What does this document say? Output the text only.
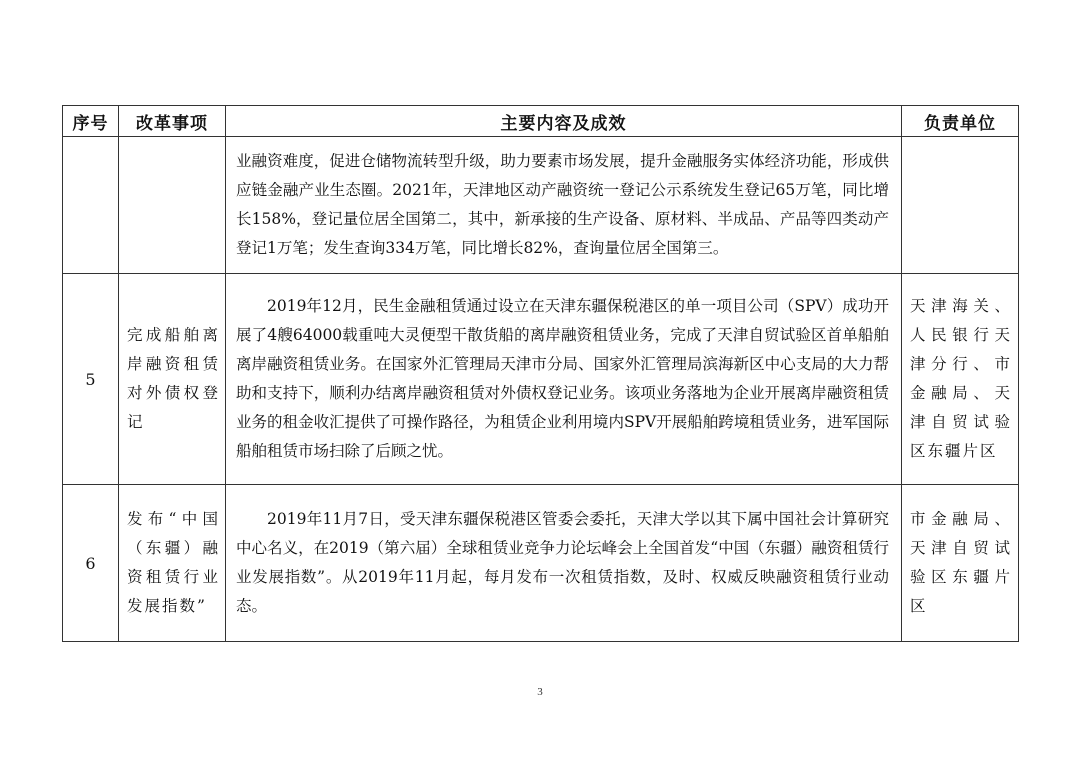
序号	改革事项	主要内容及成效	负责单位

		业融资难度，促进仓储物流转型升级，助力要素市场发展，提升金融服务实体经济功能，形成供应链金融产业生态圈。2021年，天津地区动产融资统一登记公示系统发生登记65万笔，同比增长158%，登记量位居全国第二，其中，新承接的生产设备、原材料、半成品、产品等四类动产登记1万笔；发生查询334万笔，同比增长82%，查询量位居全国第三。	

5	完成船舶离岸融资租赁对外债权登记	2019年12月，民生金融租赁通过设立在天津东疆保税港区的单一项目公司（SPV）成功开展了4艘64000载重吨大灵便型干散货船的离岸融资租赁业务，完成了天津自贸试验区首单船舶离岸融资租赁业务。在国家外汇管理局天津市分局、国家外汇管理局滨海新区中心支局的大力帮助和支持下，顺利办结离岸融资租赁对外债权登记业务。该项业务落地为企业开展离岸融资租赁业务的租金收汇提供了可操作路径，为租赁企业利用境内SPV开展船舶跨境租赁业务，进军国际船舶租赁市场扫除了后顾之忧。	天津海关、人民银行天津分行、市金融局、天津自贸试验区东疆片区
6	发布“中国（东疆）融资租赁行业发展指数”	2019年11月7日，受天津东疆保税港区管委会委托，天津大学以其下属中国社会计算研究中心名义，在2019（第六届）全球租赁业竞争力论坛峰会上全国首发“中国（东疆）融资租赁行业发展指数”。从2019年11月起，每月发布一次租赁指数，及时、权威反映融资租赁行业动态。	市金融局、天津自贸试验区东疆片区
3
